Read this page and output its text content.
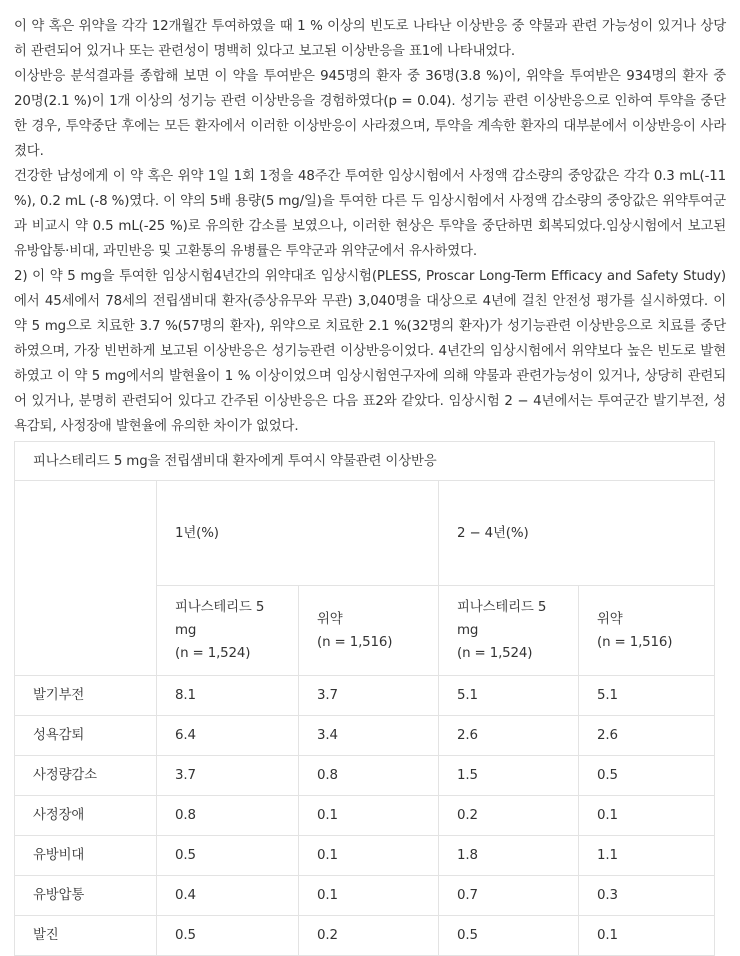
이 약 혹은 위약을 각각 12개월간 투여하였을 때 1 % 이상의 빈도로 나타난 이상반응 중 약물과 관련 가능성이 있거나 상당히 관련되어 있거나 또는 관련성이 명백히 있다고 보고된 이상반응을 표1에 나타내었다.

이상반응 분석결과를 종합해 보면 이 약을 투여받은 945명의 환자 중 36명(3.8 %)이, 위약을 투여받은 934명의 환자 중 20명(2.1 %)이 1개 이상의 성기능 관련 이상반응을 경험하였다(p = 0.04). 성기능 관련 이상반응으로 인하여 투약을 중단한 경우, 투약중단 후에는 모든 환자에서 이러한 이상반응이 사라졌으며, 투약을 계속한 환자의 대부분에서 이상반응이 사라졌다.

건강한 남성에게 이 약 혹은 위약 1일 1회 1정을 48주간 투여한 임상시험에서 사정액 감소량의 중앙값은 각각 0.3 mL(-11 %), 0.2 mL (-8 %)였다. 이 약의 5배 용량(5 mg/일)을 투여한 다른 두 임상시험에서 사정액 감소량의 중앙값은 위약투여군과 비교시 약 0.5 mL(-25 %)로 유의한 감소를 보였으나, 이러한 현상은 투약을 중단하면 회복되었다.임상시험에서 보고된 유방압통·비대, 과민반응 및 고환통의 유병률은 투약군과 위약군에서 유사하였다.

2) 이 약 5 mg을 투여한 임상시험4년간의 위약대조 임상시험(PLESS, Proscar Long-Term Efficacy and Safety Study)에서 45세에서 78세의 전립샘비대 환자(증상유무와 무관) 3,040명을 대상으로 4년에 걸친 안전성 평가를 실시하였다. 이 약 5 mg으로 치료한 3.7 %(57명의 환자), 위약으로 치료한 2.1 %(32명의 환자)가 성기능관련 이상반응으로 치료를 중단하였으며, 가장 빈번하게 보고된 이상반응은 성기능관련 이상반응이었다. 4년간의 임상시험에서 위약보다 높은 빈도로 발현하였고 이 약 5 mg에서의 발현율이 1 % 이상이었으며 임상시험연구자에 의해 약물과 관련가능성이 있거나, 상당히 관련되어 있거나, 분명히 관련되어 있다고 간주된 이상반응은 다음 표2와 같았다. 임상시험 2 − 4년에서는 투여군간 발기부전, 성욕감퇴, 사정장애 발현율에 유의한 차이가 없었다.

피나스테리드 5 mg을 전립샘비대 환자에게 투여시 약물관련 이상반응				
	1년(%)		2 − 4년(%)	
	피나스테리드 5
mg
(n = 1,524)	위약
(n = 1,516)	피나스테리드 5
mg
(n = 1,524)	위약
(n = 1,516)
발기부전	8.1	3.7	5.1	5.1
성욕감퇴	6.4	3.4	2.6	2.6
사정량감소	3.7	0.8	1.5	0.5
사정장애	0.8	0.1	0.2	0.1
유방비대	0.5	0.1	1.8	1.1
유방압통	0.4	0.1	0.7	0.3
발진	0.5	0.2	0.5	0.1
